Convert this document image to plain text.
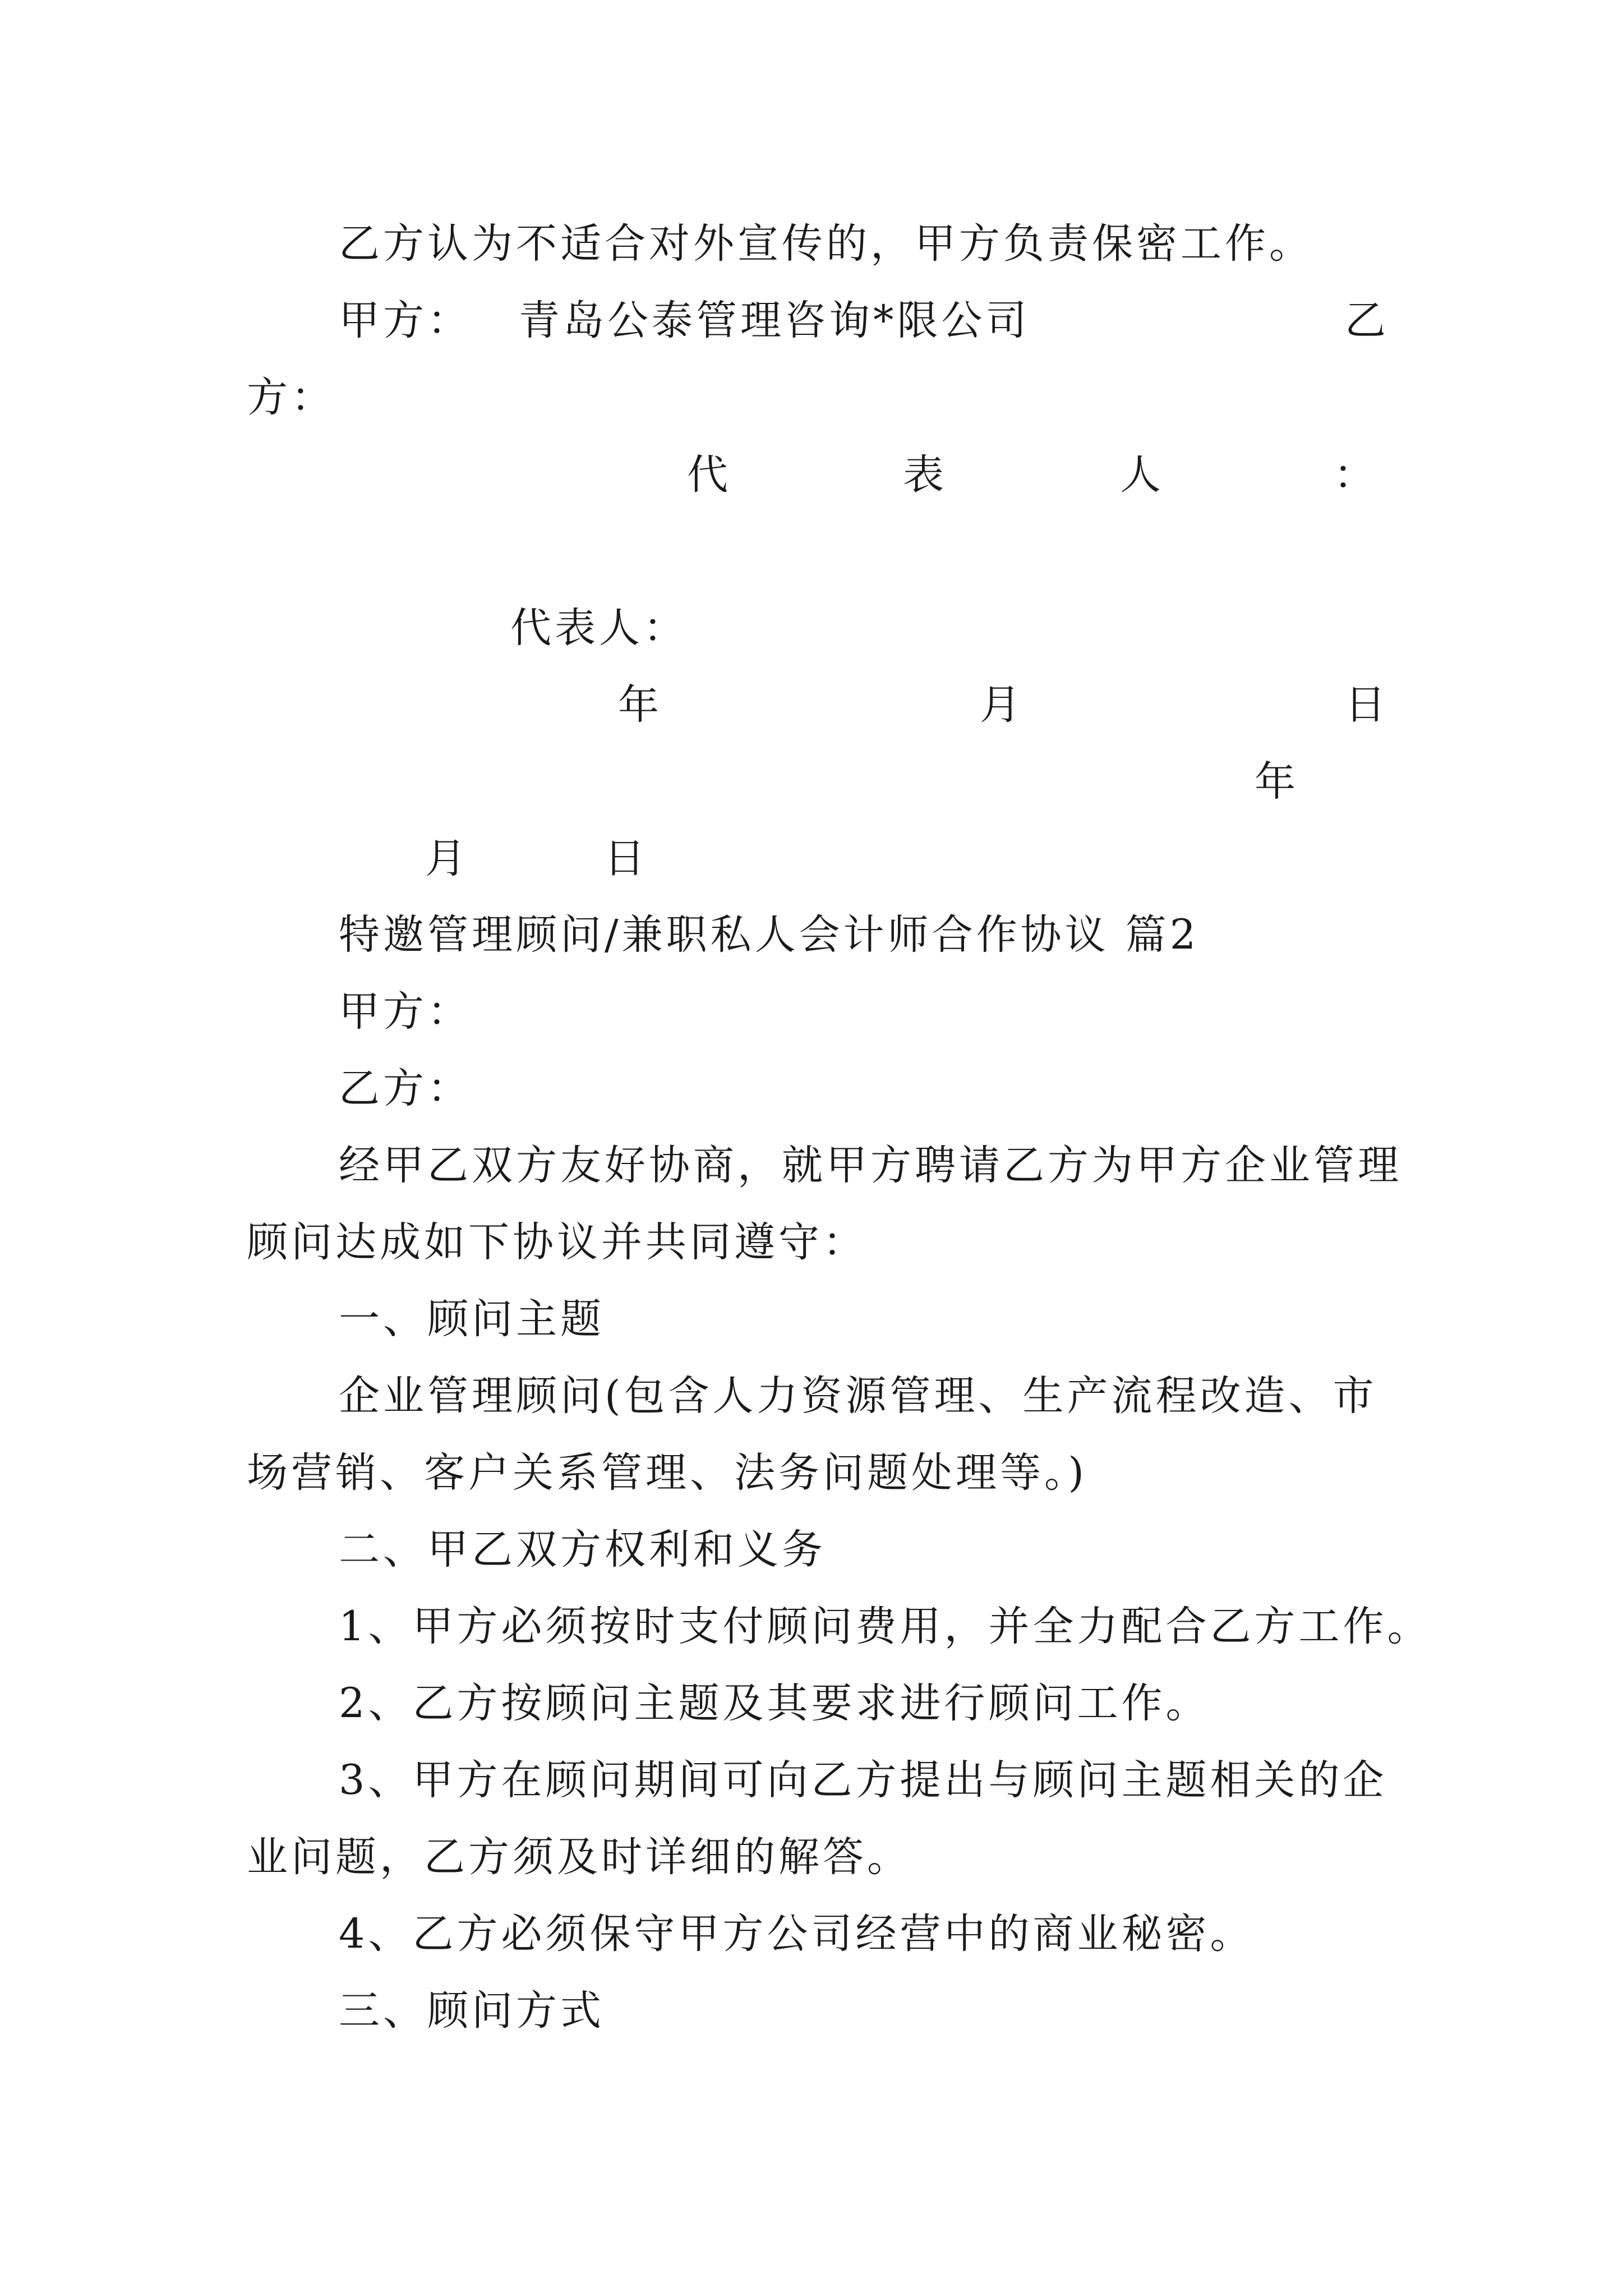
乙方认为不适合对外宣传的，甲方负责保密工作。
甲方： 青岛公泰管理咨询*限公司	乙
方：
代	表	人	：
代表人：
年	月	日
年
月	日
特邀管理顾问/兼职私人会计师合作协议 篇2
甲方：
乙方：
经甲乙双方友好协商，就甲方聘请乙方为甲方企业管理
顾问达成如下协议并共同遵守：
一、顾问主题
企业管理顾问(包含人力资源管理、生产流程改造、市
场营销、客户关系管理、法务问题处理等。)
二、甲乙双方权利和义务
1、甲方必须按时支付顾问费用，并全力配合乙方工作。
2、乙方按顾问主题及其要求进行顾问工作。
3、甲方在顾问期间可向乙方提出与顾问主题相关的企
业问题，乙方须及时详细的解答。
4、乙方必须保守甲方公司经营中的商业秘密。
三、顾问方式
